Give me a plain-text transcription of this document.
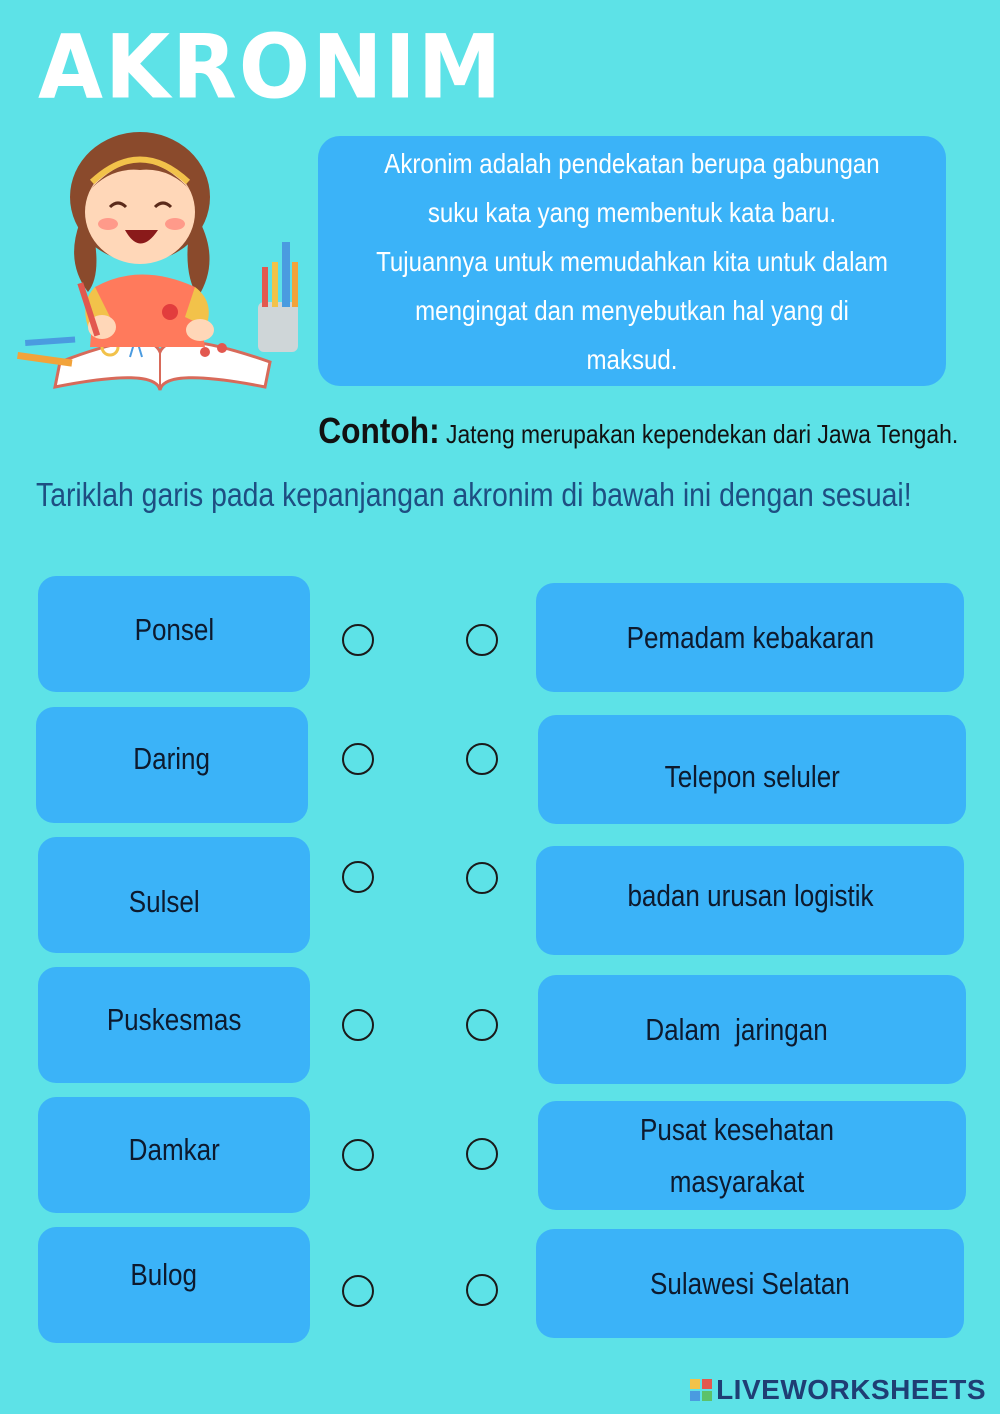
AKRONIM
Akronim adalah pendekatan berupa gabungan suku kata yang membentuk kata baru. Tujuannya untuk memudahkan kita untuk dalam mengingat dan menyebutkan hal yang di maksud.
Contoh: Jateng merupakan kependekan dari Jawa Tengah.
Tariklah garis pada kepanjangan akronim di bawah ini dengan sesuai!
Ponsel
Daring
Sulsel
Puskesmas
Damkar
Bulog
Pemadam kebakaran
Telepon seluler
badan urusan logistik
Dalam  jaringan
Pusat kesehatan masyarakat
Sulawesi Selatan
LIVEWORKSHEETS
